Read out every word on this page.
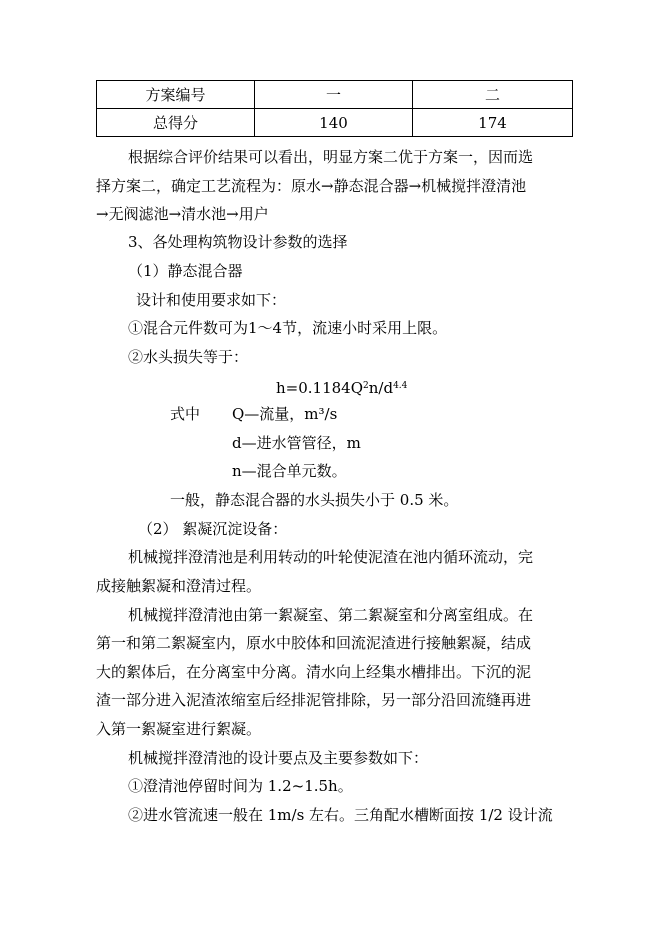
方案编号	一	二
总得分	140	174
根据综合评价结果可以看出，明显方案二优于方案一，因而选
择方案二，确定工艺流程为：原水→静态混合器→机械搅拌澄清池
→无阀滤池→清水池→用户
3、各处理构筑物设计参数的选择
（1）静态混合器
设计和使用要求如下：
①混合元件数可为1～4节，流速小时采用上限。
②水头损失等于：
$h=0.1184Q^2n/d^{4.4}$
式中 Q—流量，m³/s
d—进水管管径，m
n—混合单元数。
一般，静态混合器的水头损失小于 0.5 米。
（2） 絮凝沉淀设备：
机械搅拌澄清池是利用转动的叶轮使泥渣在池内循环流动，完
成接触絮凝和澄清过程。
机械搅拌澄清池由第一絮凝室、第二絮凝室和分离室组成。在
第一和第二絮凝室内，原水中胶体和回流泥渣进行接触絮凝，结成
大的絮体后，在分离室中分离。清水向上经集水槽排出。下沉的泥
渣一部分进入泥渣浓缩室后经排泥管排除，另一部分沿回流缝再进
入第一絮凝室进行絮凝。
机械搅拌澄清池的设计要点及主要参数如下：
①澄清池停留时间为 1.2~1.5h。
②进水管流速一般在 1m/s 左右。三角配水槽断面按 1/2 设计流
